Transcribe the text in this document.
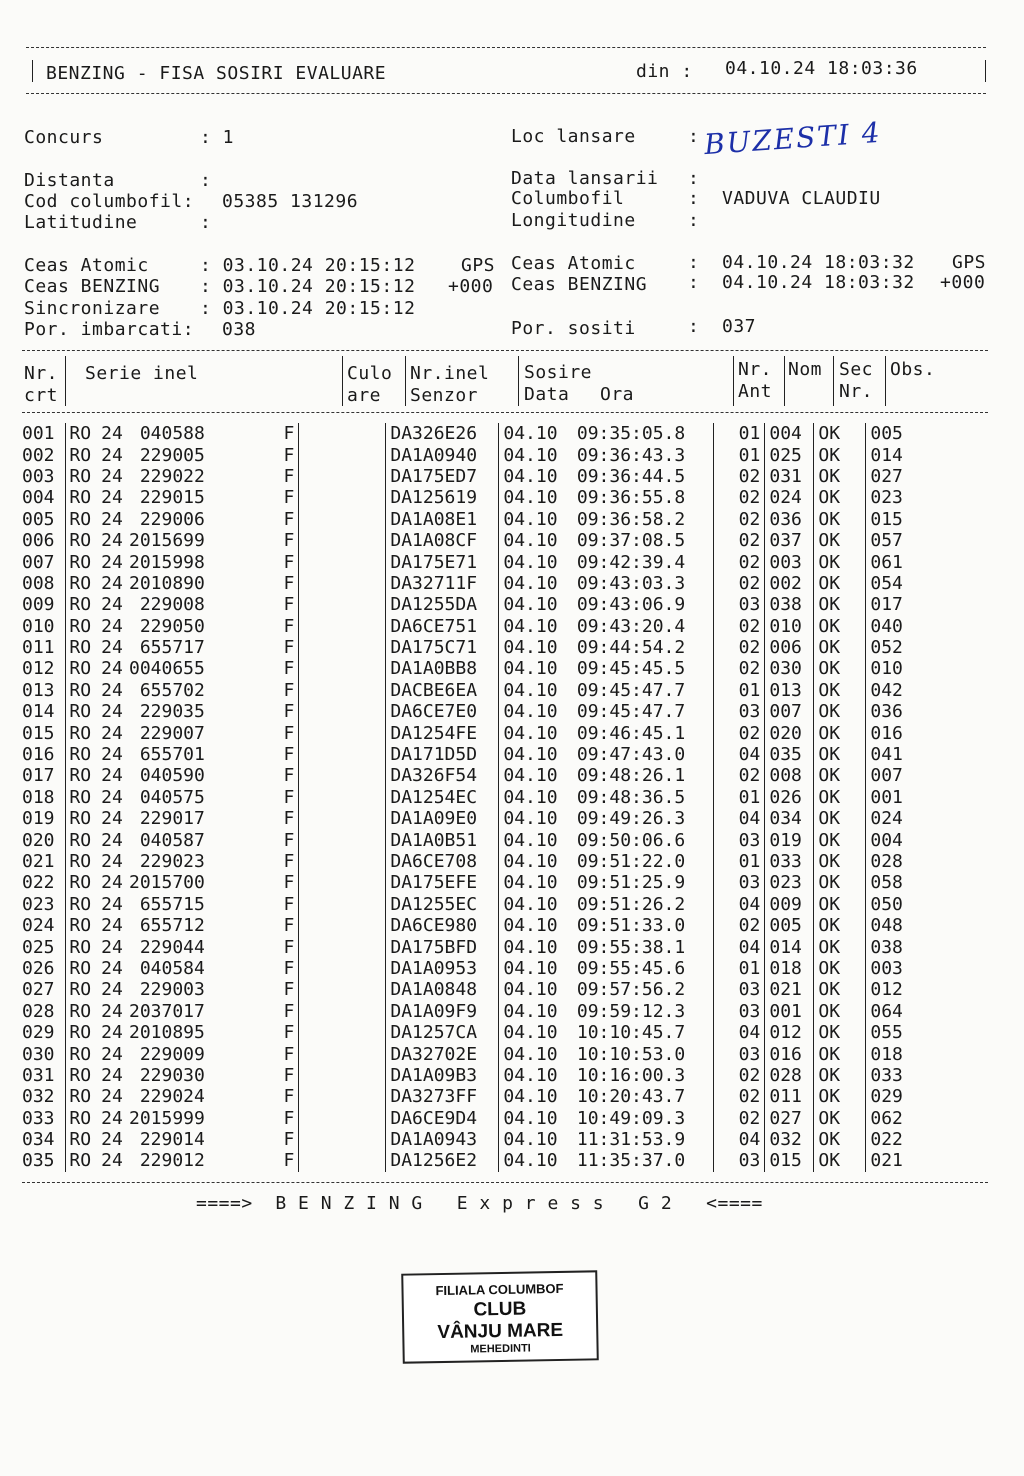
BENZING - FISA SOSIRI EVALUARE	din : 04.10.24 18:03:36
Concurs	: 1	Loc lansare	: BUZESTI 4
Distanta	:	Data lansarii :
Cod columbofil: 05385 131296	Columbofil	:  VADUVA CLAUDIU
Latitudine	:	Longitudine	:
Ceas Atomic	: 03.10.24 20:15:12	GPS Ceas Atomic	:  04.10.24 18:03:32 GPS
Ceas BENZING : 03.10.24 20:15:12 +000 Ceas BENZING :  04.10.24 18:03:32 +000
Sincronizare : 03.10.24 20:15:12
Por. imbarcati: 038	Por. sositi	:  037
Nr.
crt
Serie inel	Culo
are
Nr.inel
Senzor
Sosire
Data Ora
Nr.
Ant
Nom Sec
Nr.
Obs.
001	RO	24	040588	F			DA326E26	04.10	09:35:05.8	01	004	OK	005
002	RO	24	229005	F			DA1A0940	04.10	09:36:43.3	01	025	OK	014
003	RO	24	229022	F			DA175ED7	04.10	09:36:44.5	02	031	OK	027
004	RO	24	229015	F			DA125619	04.10	09:36:55.8	02	024	OK	023
005	RO	24	229006	F			DA1A08E1	04.10	09:36:58.2	02	036	OK	015
006	RO	24	2015699	F			DA1A08CF	04.10	09:37:08.5	02	037	OK	057
007	RO	24	2015998	F			DA175E71	04.10	09:42:39.4	02	003	OK	061
008	RO	24	2010890	F			DA32711F	04.10	09:43:03.3	02	002	OK	054
009	RO	24	229008	F			DA1255DA	04.10	09:43:06.9	03	038	OK	017
010	RO	24	229050	F			DA6CE751	04.10	09:43:20.4	02	010	OK	040
011	RO	24	655717	F			DA175C71	04.10	09:44:54.2	02	006	OK	052
012	RO	24	0040655	F			DA1A0BB8	04.10	09:45:45.5	02	030	OK	010
013	RO	24	655702	F			DACBE6EA	04.10	09:45:47.7	01	013	OK	042
014	RO	24	229035	F			DA6CE7E0	04.10	09:45:47.7	03	007	OK	036
015	RO	24	229007	F			DA1254FE	04.10	09:46:45.1	02	020	OK	016
016	RO	24	655701	F			DA171D5D	04.10	09:47:43.0	04	035	OK	041
017	RO	24	040590	F			DA326F54	04.10	09:48:26.1	02	008	OK	007
018	RO	24	040575	F			DA1254EC	04.10	09:48:36.5	01	026	OK	001
019	RO	24	229017	F			DA1A09E0	04.10	09:49:26.3	04	034	OK	024
020	RO	24	040587	F			DA1A0B51	04.10	09:50:06.6	03	019	OK	004
021	RO	24	229023	F			DA6CE708	04.10	09:51:22.0	01	033	OK	028
022	RO	24	2015700	F			DA175EFE	04.10	09:51:25.9	03	023	OK	058
023	RO	24	655715	F			DA1255EC	04.10	09:51:26.2	04	009	OK	050
024	RO	24	655712	F			DA6CE980	04.10	09:51:33.0	02	005	OK	048
025	RO	24	229044	F			DA175BFD	04.10	09:55:38.1	04	014	OK	038
026	RO	24	040584	F			DA1A0953	04.10	09:55:45.6	01	018	OK	003
027	RO	24	229003	F			DA1A0848	04.10	09:57:56.2	03	021	OK	012
028	RO	24	2037017	F			DA1A09F9	04.10	09:59:12.3	03	001	OK	064
029	RO	24	2010895	F			DA1257CA	04.10	10:10:45.7	04	012	OK	055
030	RO	24	229009	F			DA32702E	04.10	10:10:53.0	03	016	OK	018
031	RO	24	229030	F			DA1A09B3	04.10	10:16:00.3	02	028	OK	033
032	RO	24	229024	F			DA3273FF	04.10	10:20:43.7	02	011	OK	029
033	RO	24	2015999	F			DA6CE9D4	04.10	10:49:09.3	02	027	OK	062
034	RO	24	229014	F			DA1A0943	04.10	11:31:53.9	04	032	OK	022
035	RO	24	229012	F			DA1256E2	04.10	11:35:37.0	03	015	OK	021
====>  B E N Z I N G   E x p r e s s   G 2   <====
FILIALA COLUMBOF
CLUB
VÂNJU MARE
MEHEDINTI
